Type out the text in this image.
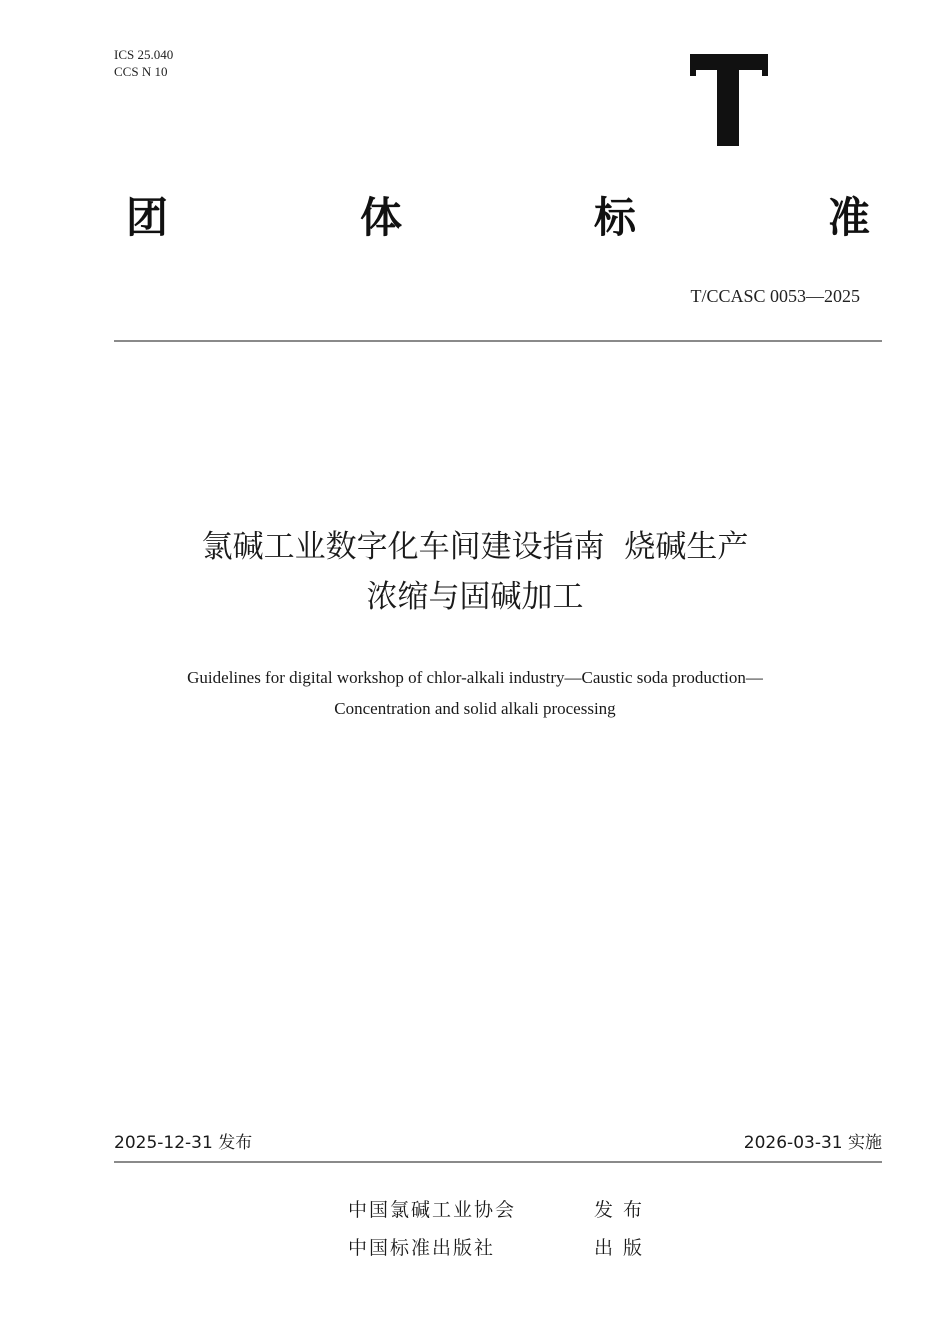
ICS 25.040
CCS N 10
团	体	标	准
T/CCASC 0053—2025
氯碱工业数字化车间建设指南  烧碱生产
浓缩与固碱加工
Guidelines for digital workshop of chlor-alkali industry—Caustic soda production—
Concentration and solid alkali processing
2025-12-31 发布	2026-03-31 实施
中国氯碱工业协会	发布
中国标准出版社	出版
